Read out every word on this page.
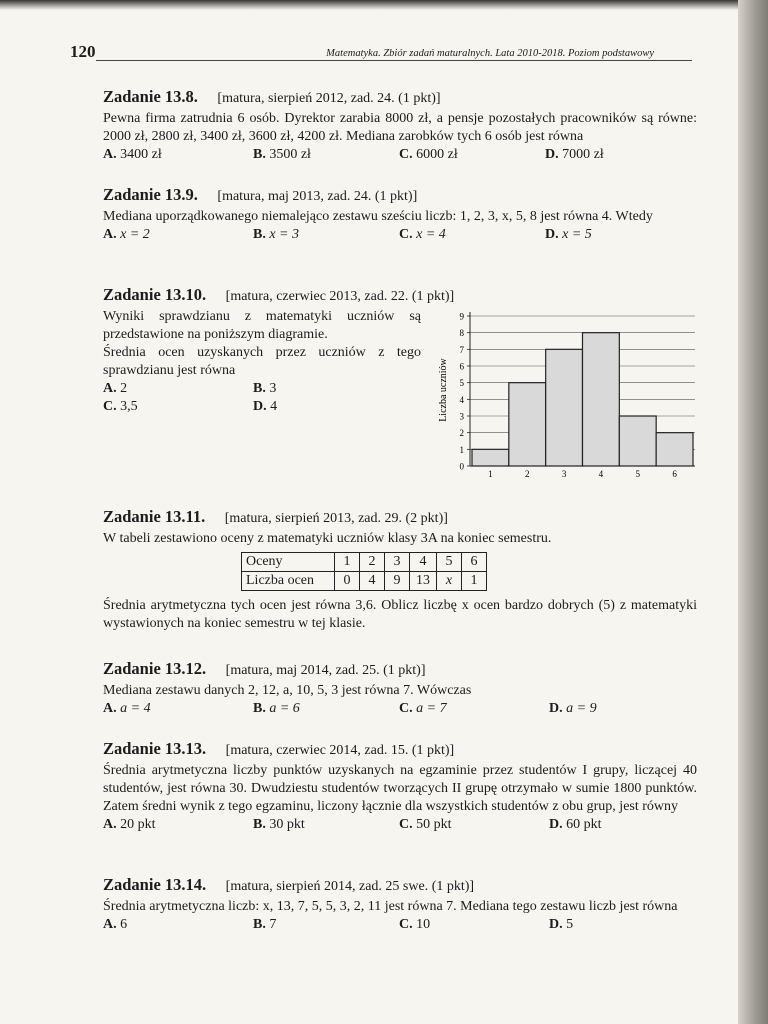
120	Matematyka. Zbiór zadań maturalnych. Lata 2010-2018. Poziom podstawowy
Zadanie 13.8. [matura, sierpień 2012, zad. 24. (1 pkt)]

Pewna firma zatrudnia 6 osób. Dyrektor zarabia 8000 zł, a pensje pozostałych pracowników są równe: 2000 zł, 2800 zł, 3400 zł, 3600 zł, 4200 zł. Mediana zarobków tych 6 osób jest równa

A. 3400 zł	B. 3500 zł	C. 6000 zł	D. 7000 zł
Zadanie 13.9. [matura, maj 2013, zad. 24. (1 pkt)]

Mediana uporządkowanego niemalejąco zestawu sześciu liczb: 1, 2, 3, x, 5, 8 jest równa 4. Wtedy

A. x = 2	B. x = 3	C. x = 4	D. x = 5
Zadanie 13.10. [matura, czerwiec 2013, zad. 22. (1 pkt)]

Wyniki sprawdzianu z matematyki uczniów są przedstawione na poniższym diagramie.

Średnia ocen uzyskanych przez uczniów z tego sprawdzianu jest równa

A. 2	B. 3
C. 3,5	D. 4	Liczba uczniów
0
1
2
3
4
5
6
7
8
9
1	2	3	4	5	6
Zadanie 13.11. [matura, sierpień 2013, zad. 29. (2 pkt)]

W tabeli zestawiono oceny z matematyki uczniów klasy 3A na koniec semestru.

Oceny	1	2	3	4	5	6
Liczba ocen	0	4	9	13	x	1

Średnia arytmetyczna tych ocen jest równa 3,6. Oblicz liczbę x ocen bardzo dobrych (5) z matematyki wystawionych na koniec semestru w tej klasie.

Zadanie 13.12. [matura, maj 2014, zad. 25. (1 pkt)]

Mediana zestawu danych 2, 12, a, 10, 5, 3 jest równa 7. Wówczas

A. a = 4	B. a = 6	C. a = 7	D. a = 9
Zadanie 13.13. [matura, czerwiec 2014, zad. 15. (1 pkt)]

Średnia arytmetyczna liczby punktów uzyskanych na egzaminie przez studentów I grupy, liczącej 40 studentów, jest równa 30. Dwudziestu studentów tworzących II grupę otrzymało w sumie 1800 punktów. Zatem średni wynik z tego egzaminu, liczony łącznie dla wszystkich studentów z obu grup, jest równy

A. 20 pkt	B. 30 pkt	C. 50 pkt	D. 60 pkt
Zadanie 13.14. [matura, sierpień 2014, zad. 25 swe. (1 pkt)]

Średnia arytmetyczna liczb: x, 13, 7, 5, 5, 3, 2, 11 jest równa 7. Mediana tego zestawu liczb jest równa

A. 6	B. 7	C. 10	D. 5
